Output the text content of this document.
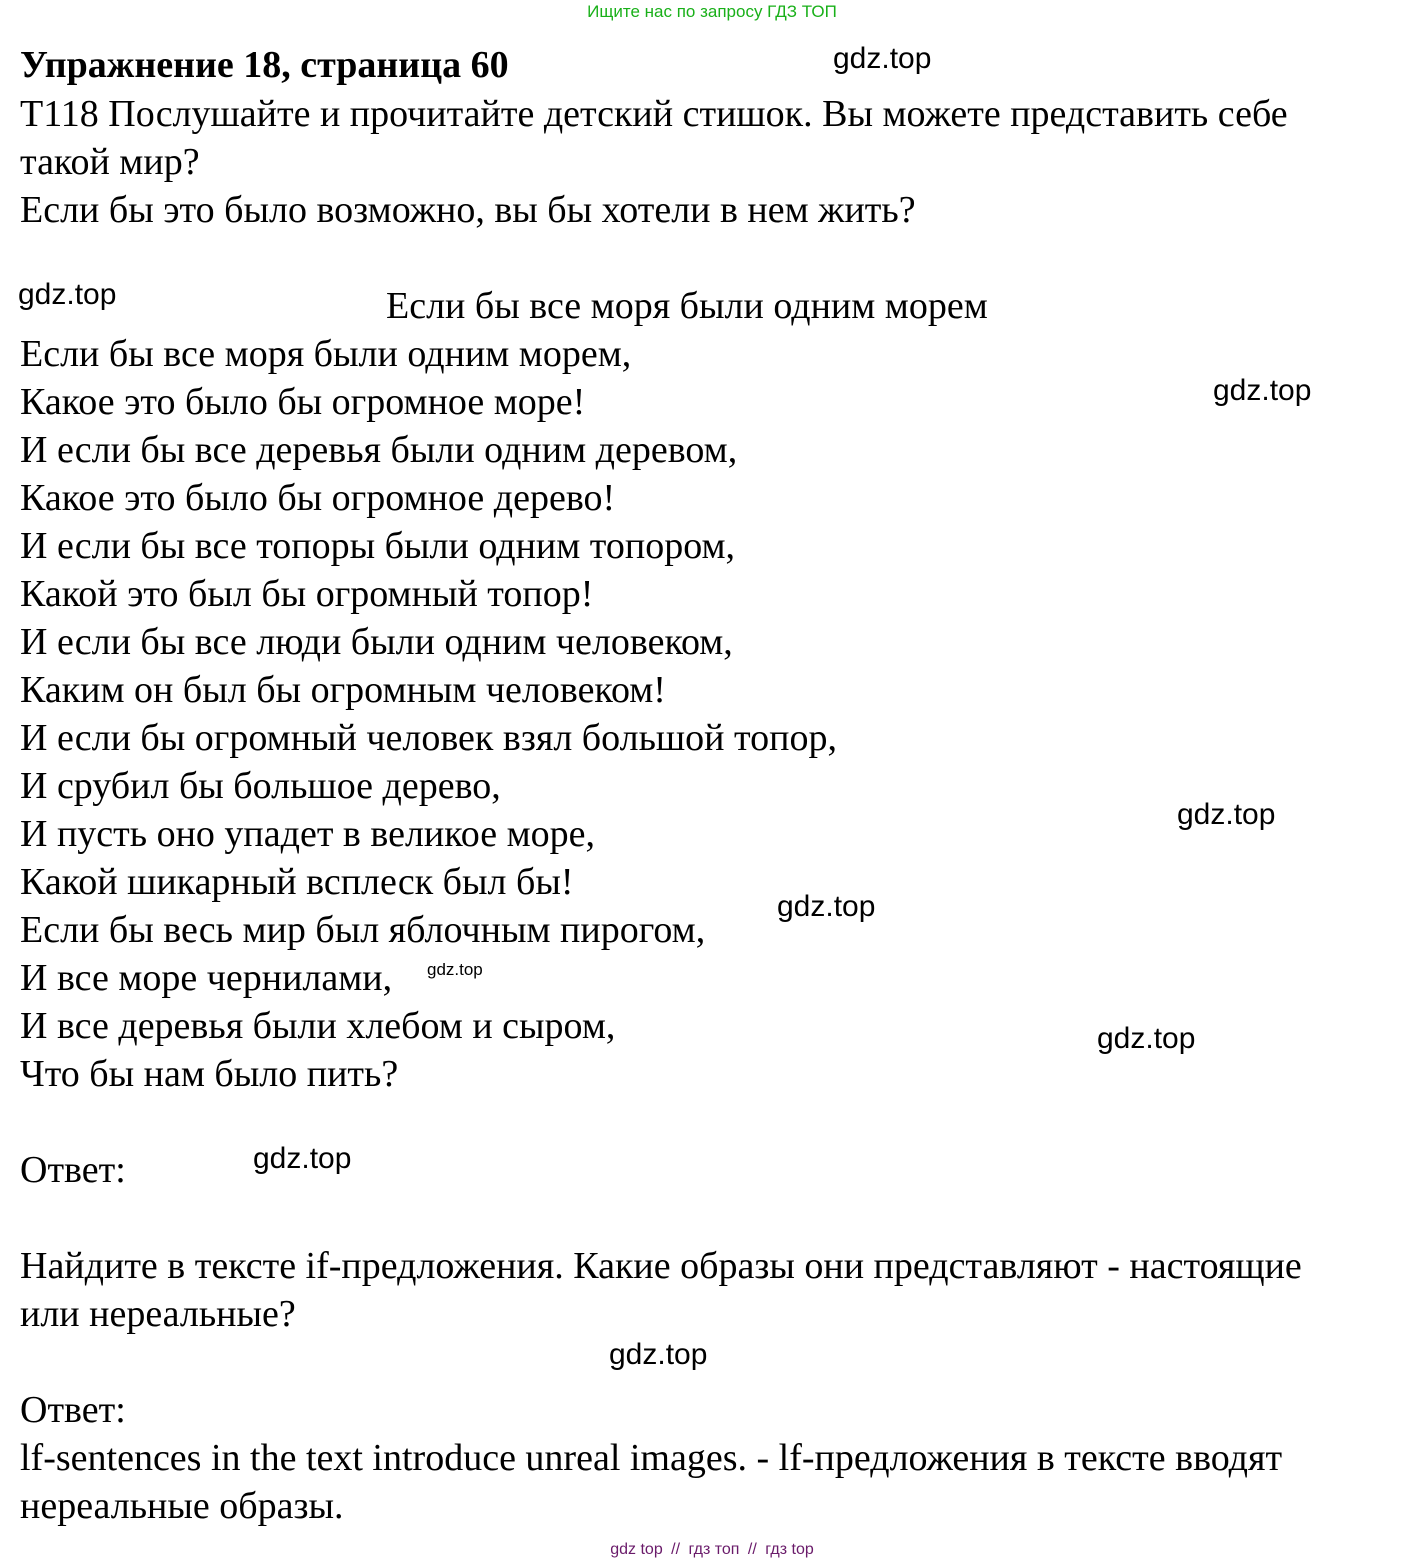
Ищите нас по запросу ГДЗ ТОП
Упражнение 18, страница 60
T118 Послушайте и прочитайте детский стишок. Вы можете представить себе
такой мир?
Если бы это было возможно, вы бы хотели в нем жить?
Если бы все моря были одним морем
Если бы все моря были одним морем,
Какое это было бы огромное море!
И если бы все деревья были одним деревом,
Какое это было бы огромное дерево!
И если бы все топоры были одним топором,
Какой это был бы огромный топор!
И если бы все люди были одним человеком,
Каким он был бы огромным человеком!
И если бы огромный человек взял большой топор,
И срубил бы большое дерево,
И пусть оно упадет в великое море,
Какой шикарный всплеск был бы!
Если бы весь мир был яблочным пирогом,
И все море чернилами,
И все деревья были хлебом и сыром,
Что бы нам было пить?
Ответ:
Найдите в тексте if-предложения. Какие образы они представляют - настоящие
или нереальные?
Ответ:
lf-sentences in the text introduce unreal images. - lf-предложения в тексте вводят
нереальные образы.
gdz.top
gdz.top
gdz.top
gdz.top
gdz.top
gdz.top
gdz.top
gdz.top
gdz.top
gdz top // гдз топ // гдз top
